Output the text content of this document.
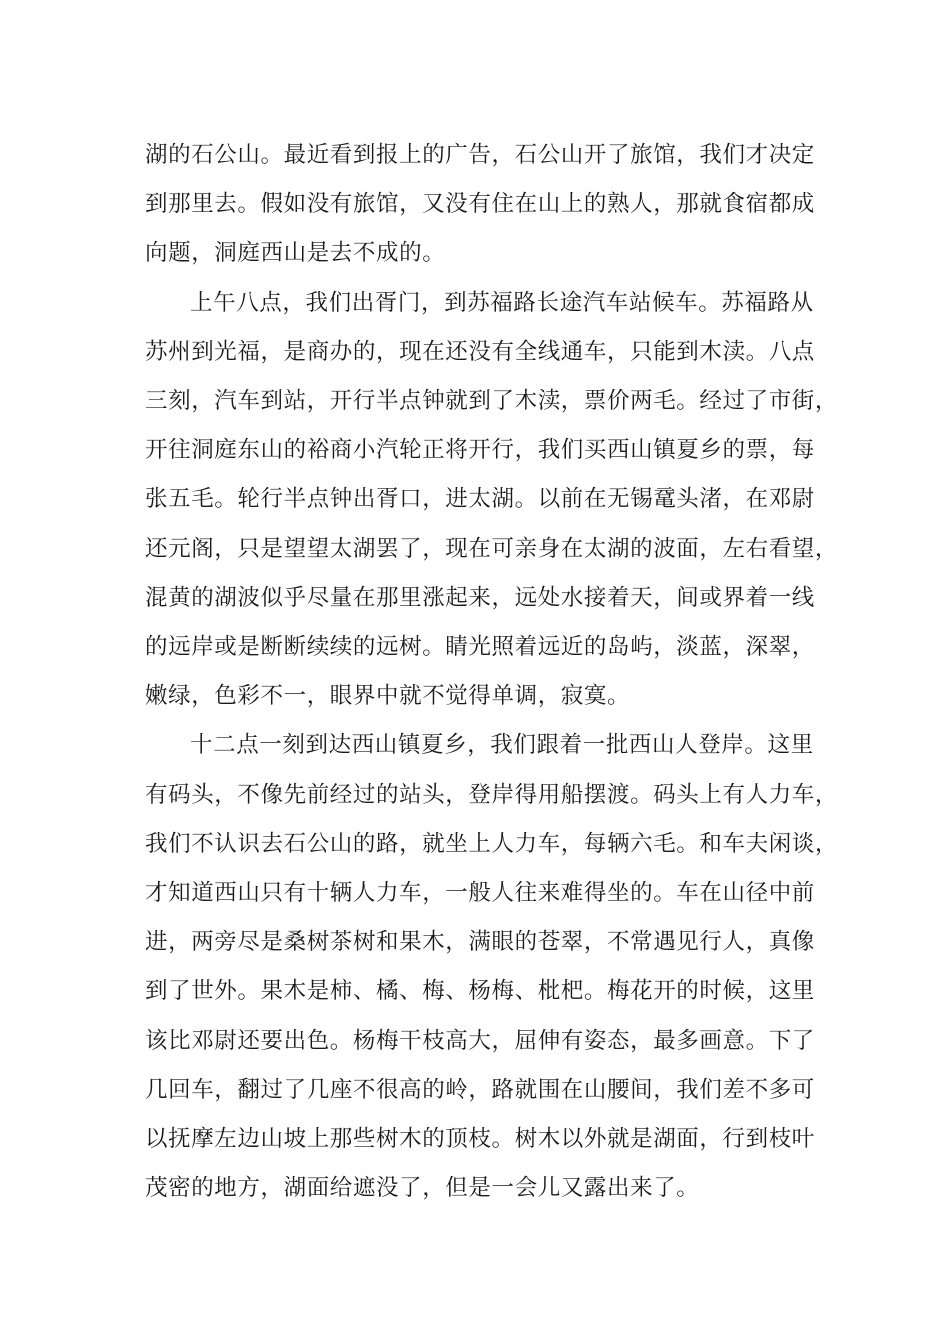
湖的石公山。最近看到报上的广告，石公山开了旅馆，我们才决定

到那里去。假如没有旅馆，又没有住在山上的熟人，那就食宿都成

向题，洞庭西山是去不成的。

上午八点，我们出胥门，到苏福路长途汽车站候车。苏福路从

苏州到光福，是商办的，现在还没有全线通车，只能到木渎。八点

三刻，汽车到站，开行半点钟就到了木渎，票价两毛。经过了市街，

开往洞庭东山的裕商小汽轮正将开行，我们买西山镇夏乡的票，每

张五毛。轮行半点钟出胥口，进太湖。以前在无锡鼋头渚，在邓尉

还元阁，只是望望太湖罢了，现在可亲身在太湖的波面，左右看望，

混黄的湖波似乎尽量在那里涨起来，远处水接着天，间或界着一线

的远岸或是断断续续的远树。睛光照着远近的岛屿，淡蓝，深翠，

嫩绿，色彩不一，眼界中就不觉得单调，寂寞。

十二点一刻到达西山镇夏乡，我们跟着一批西山人登岸。这里

有码头，不像先前经过的站头，登岸得用船摆渡。码头上有人力车，

我们不认识去石公山的路，就坐上人力车，每辆六毛。和车夫闲谈，

才知道西山只有十辆人力车，一般人往来难得坐的。车在山径中前

进，两旁尽是桑树茶树和果木，满眼的苍翠，不常遇见行人，真像

到了世外。果木是柿、橘、梅、杨梅、枇杷。梅花开的时候，这里

该比邓尉还要出色。杨梅干枝高大，屈伸有姿态，最多画意。下了

几回车，翻过了几座不很高的岭，路就围在山腰间，我们差不多可

以抚摩左边山坡上那些树木的顶枝。树木以外就是湖面，行到枝叶

茂密的地方，湖面给遮没了，但是一会儿又露出来了。
